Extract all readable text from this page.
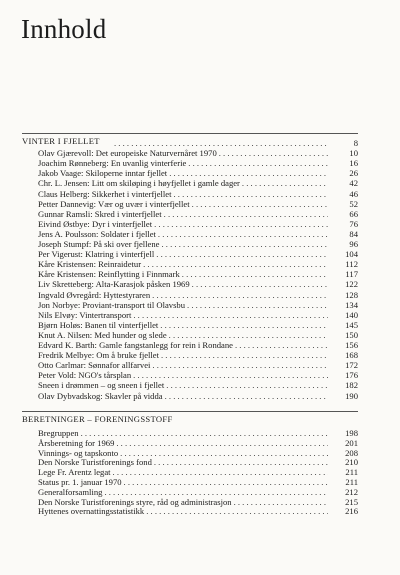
Innhold
VINTER I FJELLET . . .	8
Olav Gjærevoll: Det europeiske Naturvernåret 1970 . . .	10
Joachim Rønneberg: En uvanlig vinterferie . . .	16
Jakob Vaage: Skiloperne inntar fjellet . . .	26
Chr. L. Jensen: Litt om skiløping i høyfjellet i gamle dager . . .	42
Claus Helberg: Sikkerhet i vinterfjellet . . .	46
Petter Dannevig: Vær og uvær i vinterfjellet . . .	52
Gunnar Ramsli: Skred i vinterfjellet . . .	66
Eivind Østbye: Dyr i vinterfjellet . . .	76
Jens A. Poulsson: Soldater i fjellet . . .	84
Joseph Stumpf: På ski over fjellene . . .	96
Per Vigerust: Klatring i vinterfjell . . .	104
Kåre Kristensen: Reinraidetur . . .	112
Kåre Kristensen: Reinflytting i Finnmark . . .	117
Liv Skretteberg: Alta-Karasjok påsken 1969 . . .	122
Ingvald Øvregård: Hyttestyraren . . .	128
Jon Norbye: Proviant-transport til Olavsbu . . .	134
Nils Elvøy: Vintertransport . . .	140
Bjørn Holøs: Banen til vinterfjellet . . .	145
Knut A. Nilsen: Med hunder og slede . . .	150
Edvard K. Barth: Gamle fangstanlegg for rein i Rondane . . .	156
Fredrik Melbye: Om å bruke fjellet . . .	168
Otto Carlmar: Sønnafor allfarvei . . .	172
Peter Vold: NGO's tårsplan . . .	176
Sneen i drømmen – og sneen i fjellet . . .	182
Olav Dybvadskog: Skavler på vidda . . .	190
BERETNINGER – FORENINGSSTOFF
Bregruppen . . .	198
Årsberetning for 1969 . . .	201
Vinnings- og tapskonto . . .	208
Den Norske Turistforenings fond . . .	210
Lege Fr. Arentz legat . . .	211
Status pr. 1. januar 1970 . . .	211
Generalforsamling . . .	212
Den Norske Turistforenings styre, råd og administrasjon . . .	215
Hyttenes overnattingsstatistikk . . .	216
